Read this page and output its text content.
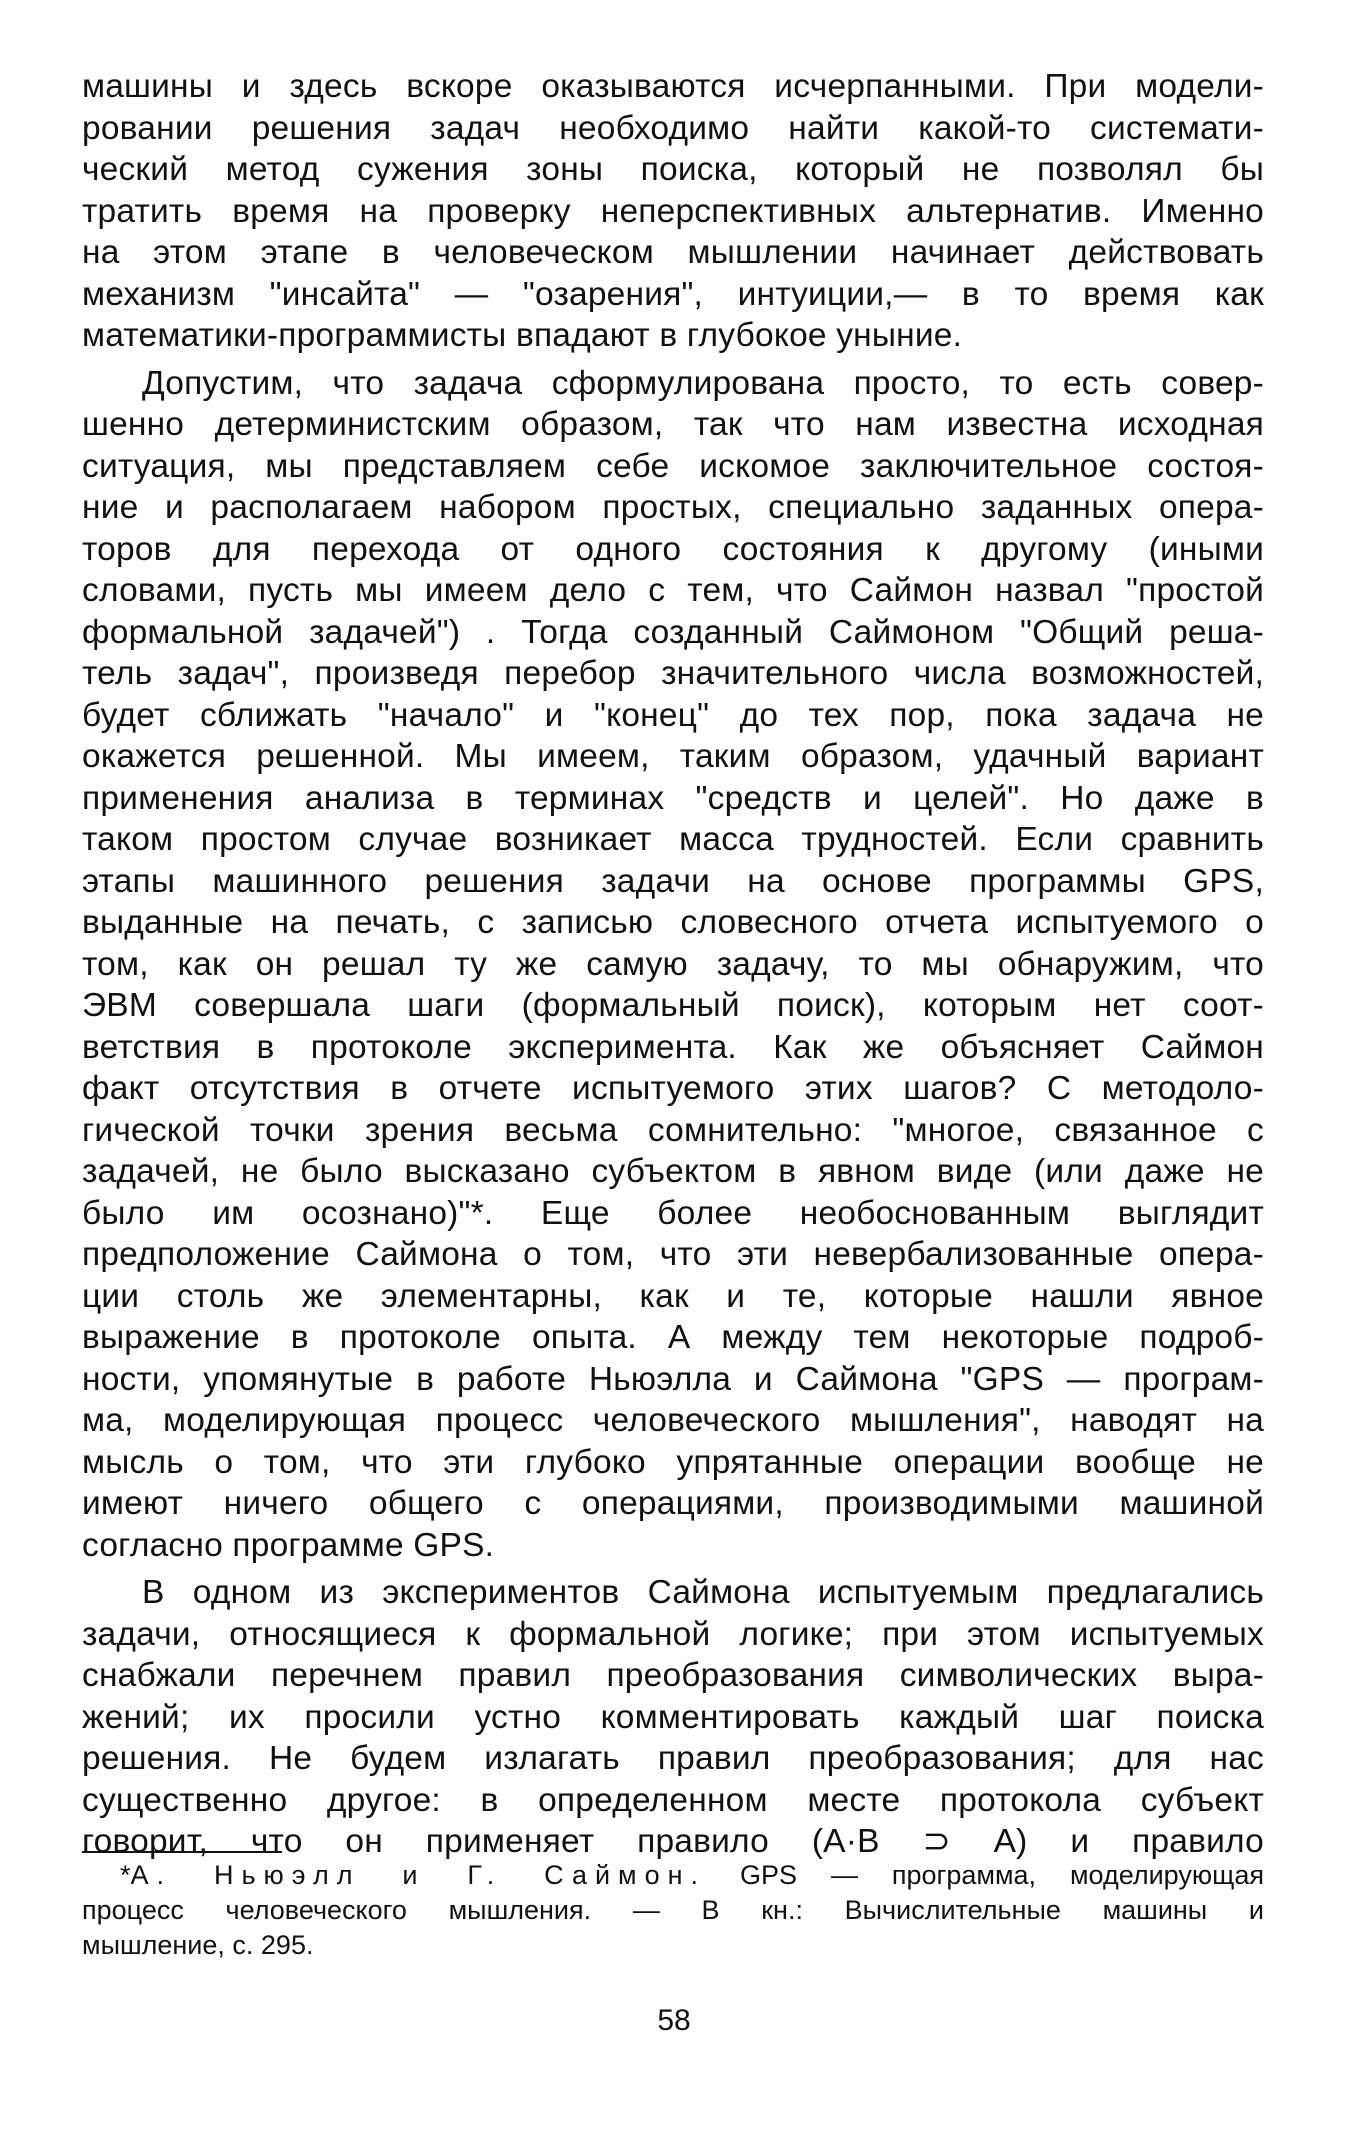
машины и здесь вскоре оказываются исчерпанными. При модели-
ровании решения задач необходимо найти какой-то системати-
ческий метод сужения зоны поиска, который не позволял бы
тратить время на проверку неперспективных альтернатив. Именно
на этом этапе в человеческом мышлении начинает действовать
механизм "инсайта" — "озарения", интуиции,— в то время как
математики-программисты впадают в глубокое уныние.
Допустим, что задача сформулирована просто, то есть совер-
шенно детерминистским образом, так что нам известна исходная
ситуация, мы представляем себе искомое заключительное состоя-
ние и располагаем набором простых, специально заданных опера-
торов для перехода от одного состояния к другому (иными
словами, пусть мы имеем дело с тем, что Саймон назвал "простой
формальной задачей") . Тогда созданный Саймоном "Общий реша-
тель задач", произведя перебор значительного числа возможностей,
будет сближать "начало" и "конец" до тех пор, пока задача не
окажется решенной. Мы имеем, таким образом, удачный вариант
применения анализа в терминах "средств и целей". Но даже в
таком простом случае возникает масса трудностей. Если сравнить
этапы машинного решения задачи на основе программы GPS,
выданные на печать, с записью словесного отчета испытуемого о
том, как он решал ту же самую задачу, то мы обнаружим, что
ЭВМ совершала шаги (формальный поиск), которым нет соот-
ветствия в протоколе эксперимента. Как же объясняет Саймон
факт отсутствия в отчете испытуемого этих шагов? С методоло-
гической точки зрения весьма сомнительно: "многое, связанное с
задачей, не было высказано субъектом в явном виде (или даже не
было им осознано)"*. Еще более необоснованным выглядит
предположение Саймона о том, что эти невербализованные опера-
ции столь же элементарны, как и те, которые нашли явное
выражение в протоколе опыта. А между тем некоторые подроб-
ности, упомянутые в работе Ньюэлла и Саймона "GPS — програм-
ма, моделирующая процесс человеческого мышления", наводят на
мысль о том, что эти глубоко упрятанные операции вообще не
имеют ничего общего с операциями, производимыми машиной
согласно программе GPS.
В одном из экспериментов Саймона испытуемым предлагались
задачи, относящиеся к формальной логике; при этом испытуемых
снабжали перечнем правил преобразования символических выра-
жений; их просили устно комментировать каждый шаг поиска
решения. Не будем излагать правил преобразования; для нас
существенно другое: в определенном месте протокола субъект
говорит, что он применяет правило (А·В ⊃ А) и правило
*А. Ньюэлл и Г. Саймон. GPS — программа, моделирующая
процесс человеческого мышления. — В кн.: Вычислительные машины и
мышление, с. 295.
58
